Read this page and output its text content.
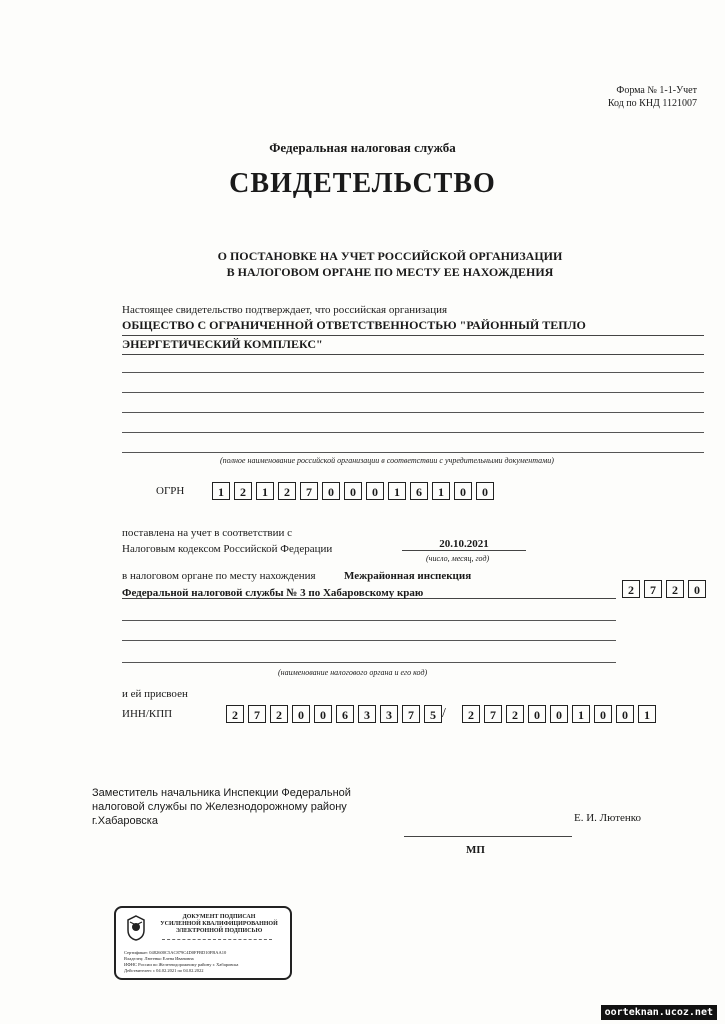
Форма № 1-1-Учет
Код по КНД 1121007
Федеральная налоговая служба
СВИДЕТЕЛЬСТВО
О ПОСТАНОВКЕ НА УЧЕТ РОССИЙСКОЙ ОРГАНИЗАЦИИ
В НАЛОГОВОМ ОРГАНЕ ПО МЕСТУ ЕЕ НАХОЖДЕНИЯ
Настоящее свидетельство подтверждает, что российская организация
ОБЩЕСТВО С ОГРАНИЧЕННОЙ ОТВЕТСТВЕННОСТЬЮ "РАЙОННЫЙ ТЕПЛО
ЭНЕРГЕТИЧЕСКИЙ КОМПЛЕКС"
(полное наименование российской организации в соответствии с учредительными документами)
ОГРН	1	2	1	2	7	0	0	0	1	6	1	0	0
поставлена на учет в соответствии с
Налоговым кодексом Российской Федерации	20.10.2021
(число, месяц, год)
в налоговом органе по месту нахождения	Межрайонная инспекция
Федеральной налоговой службы № 3 по Хабаровскому краю	2	7	2	0
(наименование налогового органа и его код)
и ей присвоен
ИНН/КПП	2	7	2	0	0	6	3	3	7	5 /	2	7	2	0	0	1	0	0	1
Заместитель начальника Инспекции Федеральной
налоговой службы по Железнодорожному району
г.Хабаровска	Е. И. Лютенко
МП
ДОКУМЕНТ ПОДПИСАН
УСИЛЕННОЙ КВАЛИФИЦИРОВАННОЙ
ЭЛЕКТРОННОЙ ПОДПИСЬЮ
Сертификат: 0482600C5AC879C4D0FFBD10FBAA10
Владелец: Лютенко Елена Ивановна
ИФНС России по Железнодорожному району г. Хабаровска
Действителен: с 04.02.2021 по 04.02.2022
oorteknan.ucoz.net
